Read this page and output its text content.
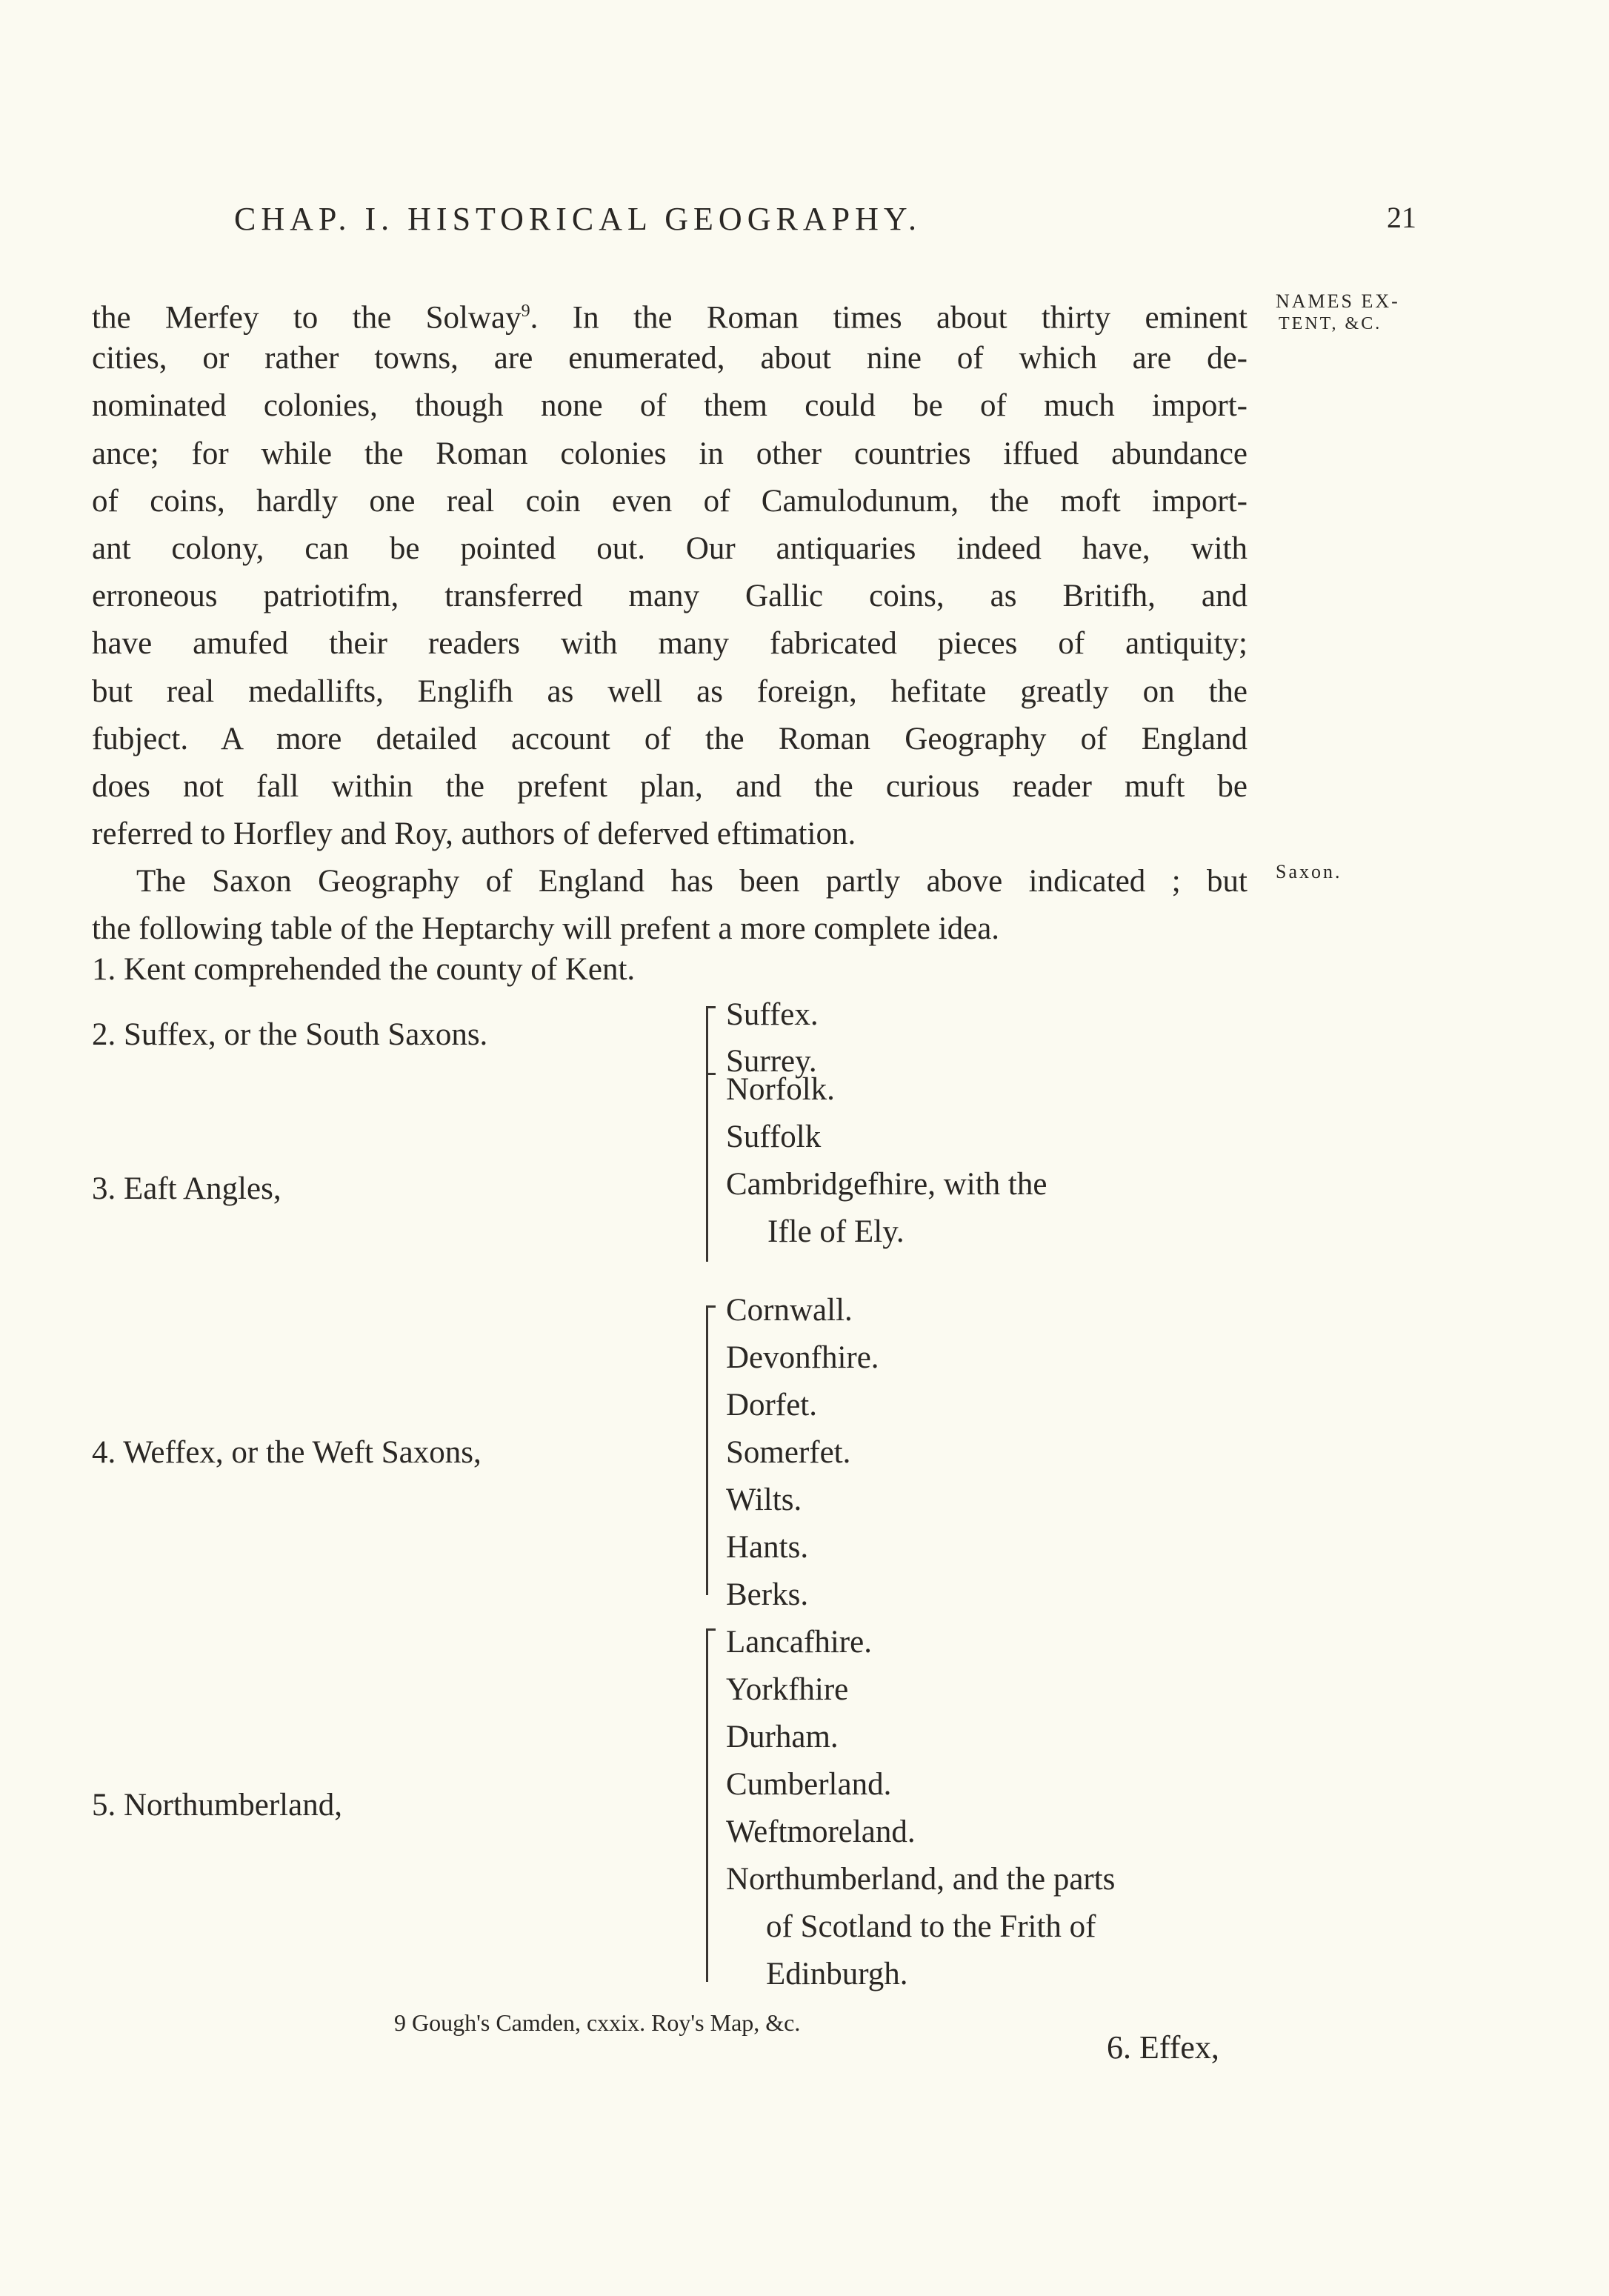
CHAP. I. HISTORICAL GEOGRAPHY.	21
NAMES EX-
TENT, &C.
Saxon.
the Merfey to the Solway$^9$. In the Roman times about thirty eminent
cities, or rather towns, are enumerated, about nine of which are de-
nominated colonies, though none of them could be of much import-
ance; for while the Roman colonies in other countries iffued abundance
of coins, hardly one real coin even of Camulodunum, the moft import-
ant colony, can be pointed out. Our antiquaries indeed have, with
erroneous patriotifm, transferred many Gallic coins, as Britifh, and
have amufed their readers with many fabricated pieces of antiquity;
but real medallifts, Englifh as well as foreign, hefitate greatly on the
fubject. A more detailed account of the Roman Geography of England
does not fall within the prefent plan, and the curious reader muft be
referred to Horfley and Roy, authors of deferved eftimation.
The Saxon Geography of England has been partly above indicated ; but
the following table of the Heptarchy will prefent a more complete idea.
1. Kent comprehended the county of Kent.
2. Suffex, or the South Saxons.
Suffex.
Surrey.
3. Eaft Angles,
Norfolk.
Suffolk
Cambridgefhire, with the
Ifle of Ely.
4. Weffex, or the Weft Saxons,
Cornwall.
Devonfhire.
Dorfet.
Somerfet.
Wilts.
Hants.
Berks.
5. Northumberland,
Lancafhire.
Yorkfhire
Durham.
Cumberland.
Weftmoreland.
Northumberland, and the parts
of Scotland to the Frith of
Edinburgh.
9 Gough's Camden, cxxix. Roy's Map, &c.
6. Effex,
